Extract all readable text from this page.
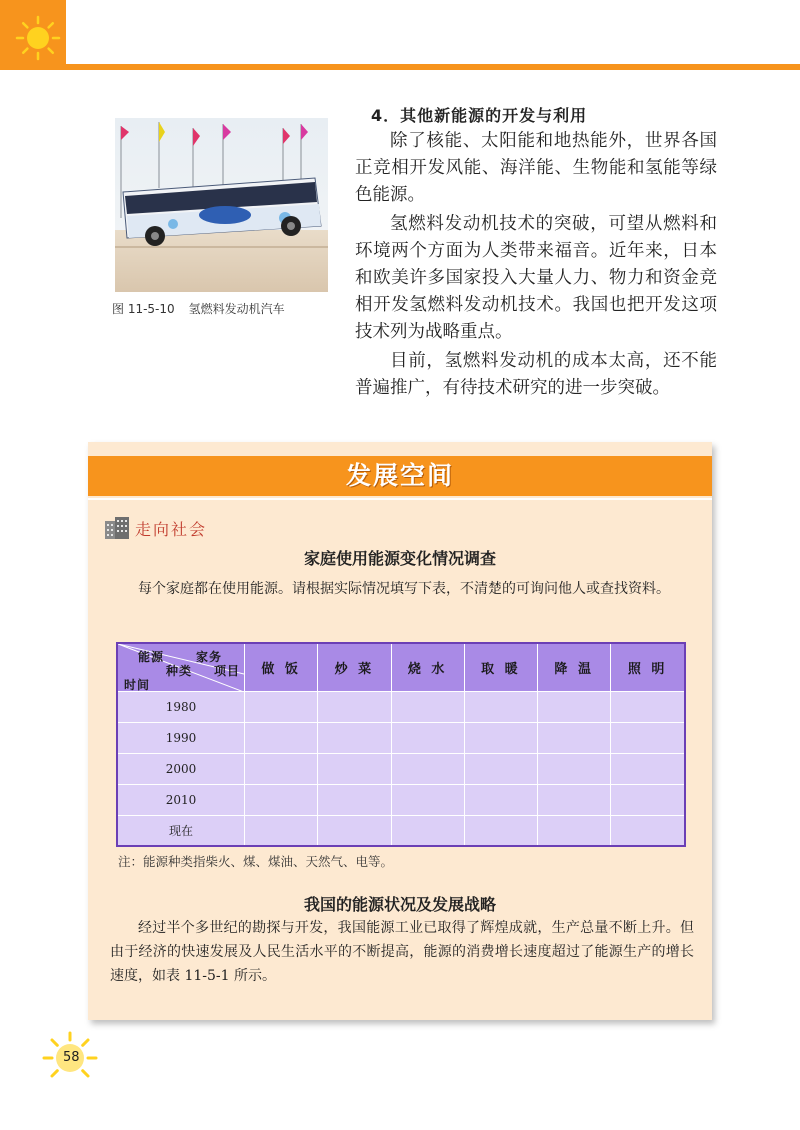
图 11-5-10 氢燃料发动机汽车
4．其他新能源的开发与利用

除了核能、太阳能和地热能外，世界各国正竞相开发风能、海洋能、生物能和氢能等绿色能源。

氢燃料发动机技术的突破，可望从燃料和环境两个方面为人类带来福音。近年来，日本和欧美许多国家投入大量人力、物力和资金竞相开发氢燃料发动机技术。我国也把开发这项技术列为战略重点。

目前，氢燃料发动机的成本太高，还不能普遍推广，有待技术研究的进一步突破。

发展空间
走向社会
家庭使用能源变化情况调查
每个家庭都在使用能源。请根据实际情况填写下表，不清楚的可询问他人或查找资料。
家务
项目
能源
种类
时间	做 饭	炒 菜	烧 水	取 暖	降 温	照 明
1980						
1990						
2000						
2010						
现在						
注：能源种类指柴火、煤、煤油、天然气、电等。
我国的能源状况及发展战略
经过半个多世纪的勘探与开发，我国能源工业已取得了辉煌成就，生产总量不断上升。但由于经济的快速发展及人民生活水平的不断提高，能源的消费增长速度超过了能源生产的增长速度，如表 11-5-1 所示。
58
